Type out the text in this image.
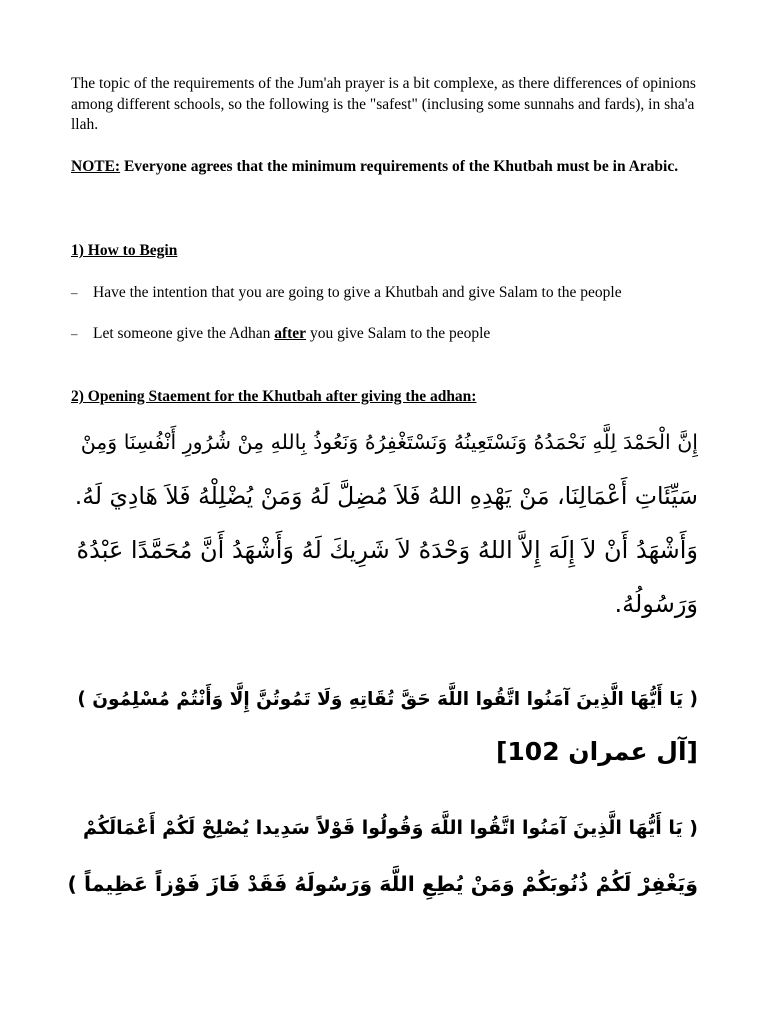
The topic of the requirements of the Jum'ah prayer is a bit complexe, as there differences of opinions among different schools, so the following is the "safest" (inclusing some sunnahs and fards), in sha'a llah.
NOTE: Everyone agrees that the minimum requirements of the Khutbah must be in Arabic.
1) How to Begin
– Have the intention that you are going to give a Khutbah and give Salam to the people
– Let someone give the Adhan after you give Salam to the people
2) Opening Staement for the Khutbah after giving the adhan:
إِنَّ الْحَمْدَ لِلَّهِ نَحْمَدُهُ وَنَسْتَعِينُهُ وَنَسْتَغْفِرُهُ وَنَعُوذُ بِاللهِ مِنْ شُرُورِ أَنْفُسِنَا وَمِنْ
سَيِّئَاتِ أَعْمَالِنَا، مَنْ يَهْدِهِ اللهُ فَلاَ مُضِلَّ لَهُ وَمَنْ يُضْلِلْهُ فَلاَ هَادِيَ لَهُ.
وَأَشْهَدُ أَنْ لاَ إِلَهَ إِلاَّ اللهُ وَحْدَهُ لاَ شَرِيكَ لَهُ وَأَشْهَدُ أَنَّ مُحَمَّدًا عَبْدُهُ
وَرَسُولُهُ.
( يَا أَيُّهَا الَّذِينَ آمَنُوا اتَّقُوا اللَّهَ حَقَّ تُقَاتِهِ وَلَا تَمُوتُنَّ إِلَّا وَأَنْتُمْ مُسْلِمُونَ )
[آل عمران 102]
( يَا أَيُّهَا الَّذِينَ آمَنُوا اتَّقُوا اللَّهَ وَقُولُوا قَوْلاً سَدِيدا يُصْلِحْ لَكُمْ أَعْمَالَكُمْ
وَيَغْفِرْ لَكُمْ ذُنُوبَكُمْ وَمَنْ يُطِعِ اللَّهَ وَرَسُولَهُ فَقَدْ فَازَ فَوْزاً عَظِيماً )
